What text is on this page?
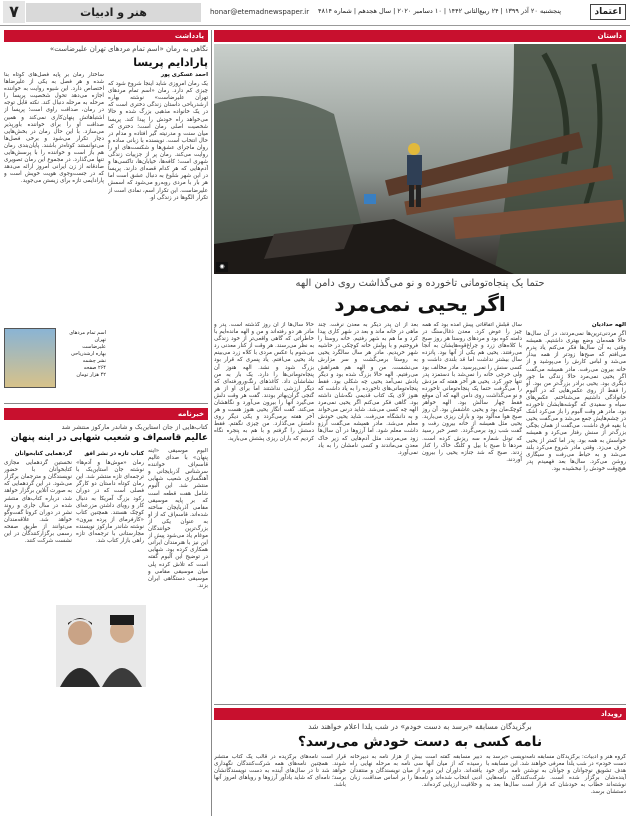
۷	هنر و ادبیات	honar@etemadnewspaper.ir پنجشنبه ۲۰ آذر ۱۳۹۹ | ۲۴ ربیع‌الثانی ۱۴۴۲ | ۱۰ دسامبر ۲۰۲۰ | سال هجدهم | شماره ۴۸۱۴	اعتماد
داستان
یادداشت
خبرنامه
رویداد
◉
حتما یک پنجاه‌تومانی تاخورده و نو می‌گذاشت روی دامن الهه
اگر یحیی نمی‌مرد
الهه حدادیان
اگر مردنی‌ترین‌ها نمی‌مردند، در آن سال‌ها حالا همه‌مان وضع بهتری داشتیم. همیشه وقتی به آن سال‌ها فکر می‌کنم یاد پدرم می‌افتم که صبح‌ها زودتر از همه بیدار می‌شد و لباس کارش را می‌پوشید و از خانه بیرون می‌رفت. مادر همیشه می‌گفت اگر یحیی نمی‌مرد حالا زندگی ما جور دیگری بود. یحیی برادر بزرگ‌تر من بود. او را فقط از روی عکس‌هایی که در آلبوم خانوادگی داشتیم می‌شناختم. عکس‌های سیاه و سفیدی که گوشه‌هایشان تاخورده بود. مادر هر وقت آلبوم را باز می‌کرد اشک در چشم‌هایش جمع می‌شد و می‌گفت یحیی با بقیه فرق داشت. می‌گفت از همان بچگی بزرگ‌تر از سنش رفتار می‌کرد و همیشه حواسش به همه بود. پدر اما کمتر از یحیی حرف می‌زد. وقتی مادر شروع می‌کرد بلند می‌شد و به حیاط می‌رفت و سیگاری روشن می‌کرد. سال‌ها بعد فهمیدم پدر هیچ‌وقت خودش را نبخشیده بود.
سال قبلش اتفاقاتی پیش آمده بود که همه چیز را عوض کرد. معدن ذغال‌سنگ در دامنه کوه بود و مردهای روستا هر روز صبح با کلاه‌های زرد و چراغ‌قوه‌هایشان به آنجا می‌رفتند. یحیی هم یکی از آنها بود. پانزده سال بیشتر نداشت اما قد بلندی داشت و کسی سنش را نمی‌پرسید. مادر مخالف بود ولی خرجی خانه را نمی‌شد با دستمزد پدر تنها جور کرد. یحیی هر آخر هفته که مزدش را می‌گرفت حتما یک پنجاه‌تومانی تاخورده و نو می‌گذاشت روی دامن الهه که آن موقع فقط چهار سالش بود. الهه خواهر کوچک‌مان بود و یحیی عاشقش بود. آن روز صبح هوا مه‌آلود بود و باران ریزی می‌بارید. یحیی مثل همیشه از خانه بیرون رفت و گفت شب زود برمی‌گردد. عصر خبر رسید که تونل شماره سه ریزش کرده است. مردها تا صبح با بیل و کلنگ خاک را کنار زدند. صبح که شد جنازه یحیی را بیرون آوردند.
بعد از آن پدر دیگر به معدن نرفت. چند ماهی در خانه ماند و بعد در شهر کاری پیدا کرد و ما هم به شهر رفتیم. خانه روستا را فروختیم و با پولش خانه کوچکی در حاشیه شهر خریدیم. مادر هر سال سالگرد یحیی به روستا برمی‌گشت و سر مزارش می‌نشست. من و الهه هم همراهش می‌رفتیم. الهه حالا بزرگ شده بود و دیگر یادش نمی‌آمد یحیی چه شکلی بود. فقط پنجاه‌تومانی‌های تاخورده را به یاد داشت که هنوز لای یک کتاب قدیمی نگه‌شان داشته بود. گاهی فکر می‌کنم اگر یحیی نمی‌مرد الهه چه کسی می‌شد. شاید درس می‌خواند و به دانشگاه می‌رفت. شاید یحیی خودش معلم می‌شد. مادر همیشه می‌گفت آرزو داشت معلم شود. اما آرزوها در آن سال‌ها زود می‌مردند، مثل آدم‌هایی که زیر خاک معدن می‌ماندند و کسی نامشان را به یاد نمی‌آورد.
حالا سال‌ها از آن روز گذشته است. پدر و مادر هر دو رفته‌اند و من و الهه مانده‌ایم با خاطراتی که گاهی واقعی‌تر از خود زندگی به نظر می‌رسند. هر وقت از کنار معدنی رد می‌شوم یا عکس مردی با کلاه زرد می‌بینم یاد یحیی می‌افتم. یاد پسری که قرار بود بزرگ شود و نشد. الهه هنوز آن پنجاه‌تومانی‌ها را دارد. یک بار به من نشانشان داد. کاغذهای رنگ‌ورورفته‌ای که دیگر ارزشی نداشتند اما برای او از هر گنجی گران‌بهاتر بودند. گفت هر وقت دلش می‌گیرد آنها را بیرون می‌آورد و نگاهشان می‌کند. گفت انگار یحیی هنوز هست و هر آخر هفته برمی‌گردد و یکی دیگر روی دامنش می‌گذارد. من چیزی نگفتم. فقط دستش را گرفتم و با هم به پنجره نگاه کردیم که باران ریزی پشتش می‌بارید.
نگاهی به رمان «اسم تمام مردهای تهران علیرضاست»
پارادایم پریسا
احمد عسکری پور
یک رمان امروزی شاید اینجا شروع شود که چیزی کم دارد. رمان «اسم تمام مردهای تهران علیرضاست» نوشته بهاره ارشدریاحی داستان زندگی دختری است که در یک خانواده مذهبی بزرگ شده و حالا می‌خواهد راه خودش را پیدا کند. پریسا شخصیت اصلی رمان است؛ دختری که میان سنت و مدرنیته گیر افتاده و مدام در حال انتخاب است. نویسنده با زبانی ساده و روان ماجرای عشق‌ها و شکست‌های او را روایت می‌کند. رمان پر از جزییات زندگی شهری است؛ کافه‌ها، خیابان‌ها، تاکسی‌ها و آدم‌هایی که هر کدام قصه‌ای دارند. پریسا در این شهر شلوغ به دنبال عشق است اما هر بار با مردی روبه‌رو می‌شود که اسمش علیرضاست. این تکرار اسم، نمادی است از تکرار الگوها در زندگی او.
ساختار رمان بر پایه فصل‌های کوتاه بنا شده و هر فصل به یکی از علیرضاها اختصاص دارد. این شیوه روایت به خواننده اجازه می‌دهد تحول شخصیت پریسا را مرحله به مرحله دنبال کند. نکته قابل توجه در رمان، صداقت راوی است؛ پریسا از اشتباهاتش پنهان‌کاری نمی‌کند و همین صداقت او را برای خواننده باورپذیر می‌سازد. با این حال رمان در بخش‌هایی دچار تکرار می‌شود و برخی فصل‌ها می‌توانستند کوتاه‌تر باشند. پایان‌بندی رمان هم باز است و خواننده را با پرسش‌هایی تنها می‌گذارد. در مجموع این رمان تصویری صادقانه از زن ایرانی امروز ارائه می‌دهد که در جست‌وجوی هویت خویش است و پارادایمی تازه برای زیستن می‌جوید.
اسم تمام مردهای تهران
علیرضاست
بهاره ارشدریاحی
نشر چشمه
۲۶۴ صفحه
۴۲ هزار تومان
کتاب‌هایی از جان استاین‌بک و شاندر مارکوز منتشر شد
عالیم قاسم‌اف و شعیب شهابی در اینه پنهان
آلبوم موسیقی «اینه پنهان» با صدای عالیم قاسم‌اف خواننده سرشناس آذربایجانی و آهنگسازی شعیب شهابی منتشر شد. این آلبوم شامل هفت قطعه است که بر پایه موسیقی مقامی آذربایجان ساخته شده‌اند. قاسم‌اف که از او به عنوان یکی از بزرگ‌ترین خوانندگان موغام یاد می‌شود پیش از این نیز با هنرمندان ایرانی همکاری کرده بود. شهابی در توضیح این آلبوم گفته است که تلاش کرده پلی میان موسیقی مقامی و موسیقی دستگاهی ایران بزند.
کتاب تازه در نشر افق
رمان «موش‌ها و آدم‌ها» نوشته جان استاین‌بک با ترجمه‌ای تازه منتشر شد. این رمان کوتاه داستان دو کارگر فصلی است که در دوران رکود بزرگ آمریکا به دنبال کار و رویای داشتن مزرعه‌ای کوچک هستند. همچنین کتاب «کارفرمای از پرده بیرون» نوشته شاندر مارکوز نویسنده مجارستانی با ترجمه‌ای تازه راهی بازار کتاب شد.
گردهمایی کتابخوانان
نخستین گردهمایی مجازی کتابخوانان با حضور نویسندگان و مترجمان برگزار می‌شود. در این گردهمایی که به صورت آنلاین برگزار خواهد شد، درباره کتاب‌های منتشر شده در سال جاری و روند نشر در دوران کرونا گفت‌وگو خواهد شد. علاقه‌مندان می‌توانند از طریق صفحه رسمی برگزارکنندگان در این نشست شرکت کنند.
برگزیدگان مسابقه «برسد به دست خودم» در شب یلدا اعلام خواهند شد
نامه کسی به دست خودش می‌رسد؟
گروه هنر و ادبیات: برگزیدگان مسابقه نامه‌نویسی «برسد به دست خودم» در شب یلدا معرفی خواهند شد. این مسابقه با هدف تشویق نوجوانان و جوانان به نوشتن نامه برای خود آینده‌شان برگزار شده است. شرکت‌کنندگان نامه‌هایی نوشته‌اند خطاب به خودشان که قرار است سال‌ها بعد به دستشان برسد.
دبیر مسابقه گفته است بیش از هزار نامه به دبیرخانه رسیده که از میان آنها سی نامه به مرحله نهایی راه یافته‌اند. داوران این دوره از میان نویسندگان و منتقدان ادبی انتخاب شده‌اند و نامه‌ها را بر اساس صداقت، زبان و خلاقیت ارزیابی کرده‌اند.
قرار است نامه‌های برگزیده در قالب یک کتاب منتشر شوند. همچنین نامه‌های همه شرکت‌کنندگان نگهداری خواهد شد تا در سال‌های آینده به دست نویسندگانشان برسد؛ نامه‌ای که شاید یادآور آرزوها و رویاهای امروز آنها باشد.
